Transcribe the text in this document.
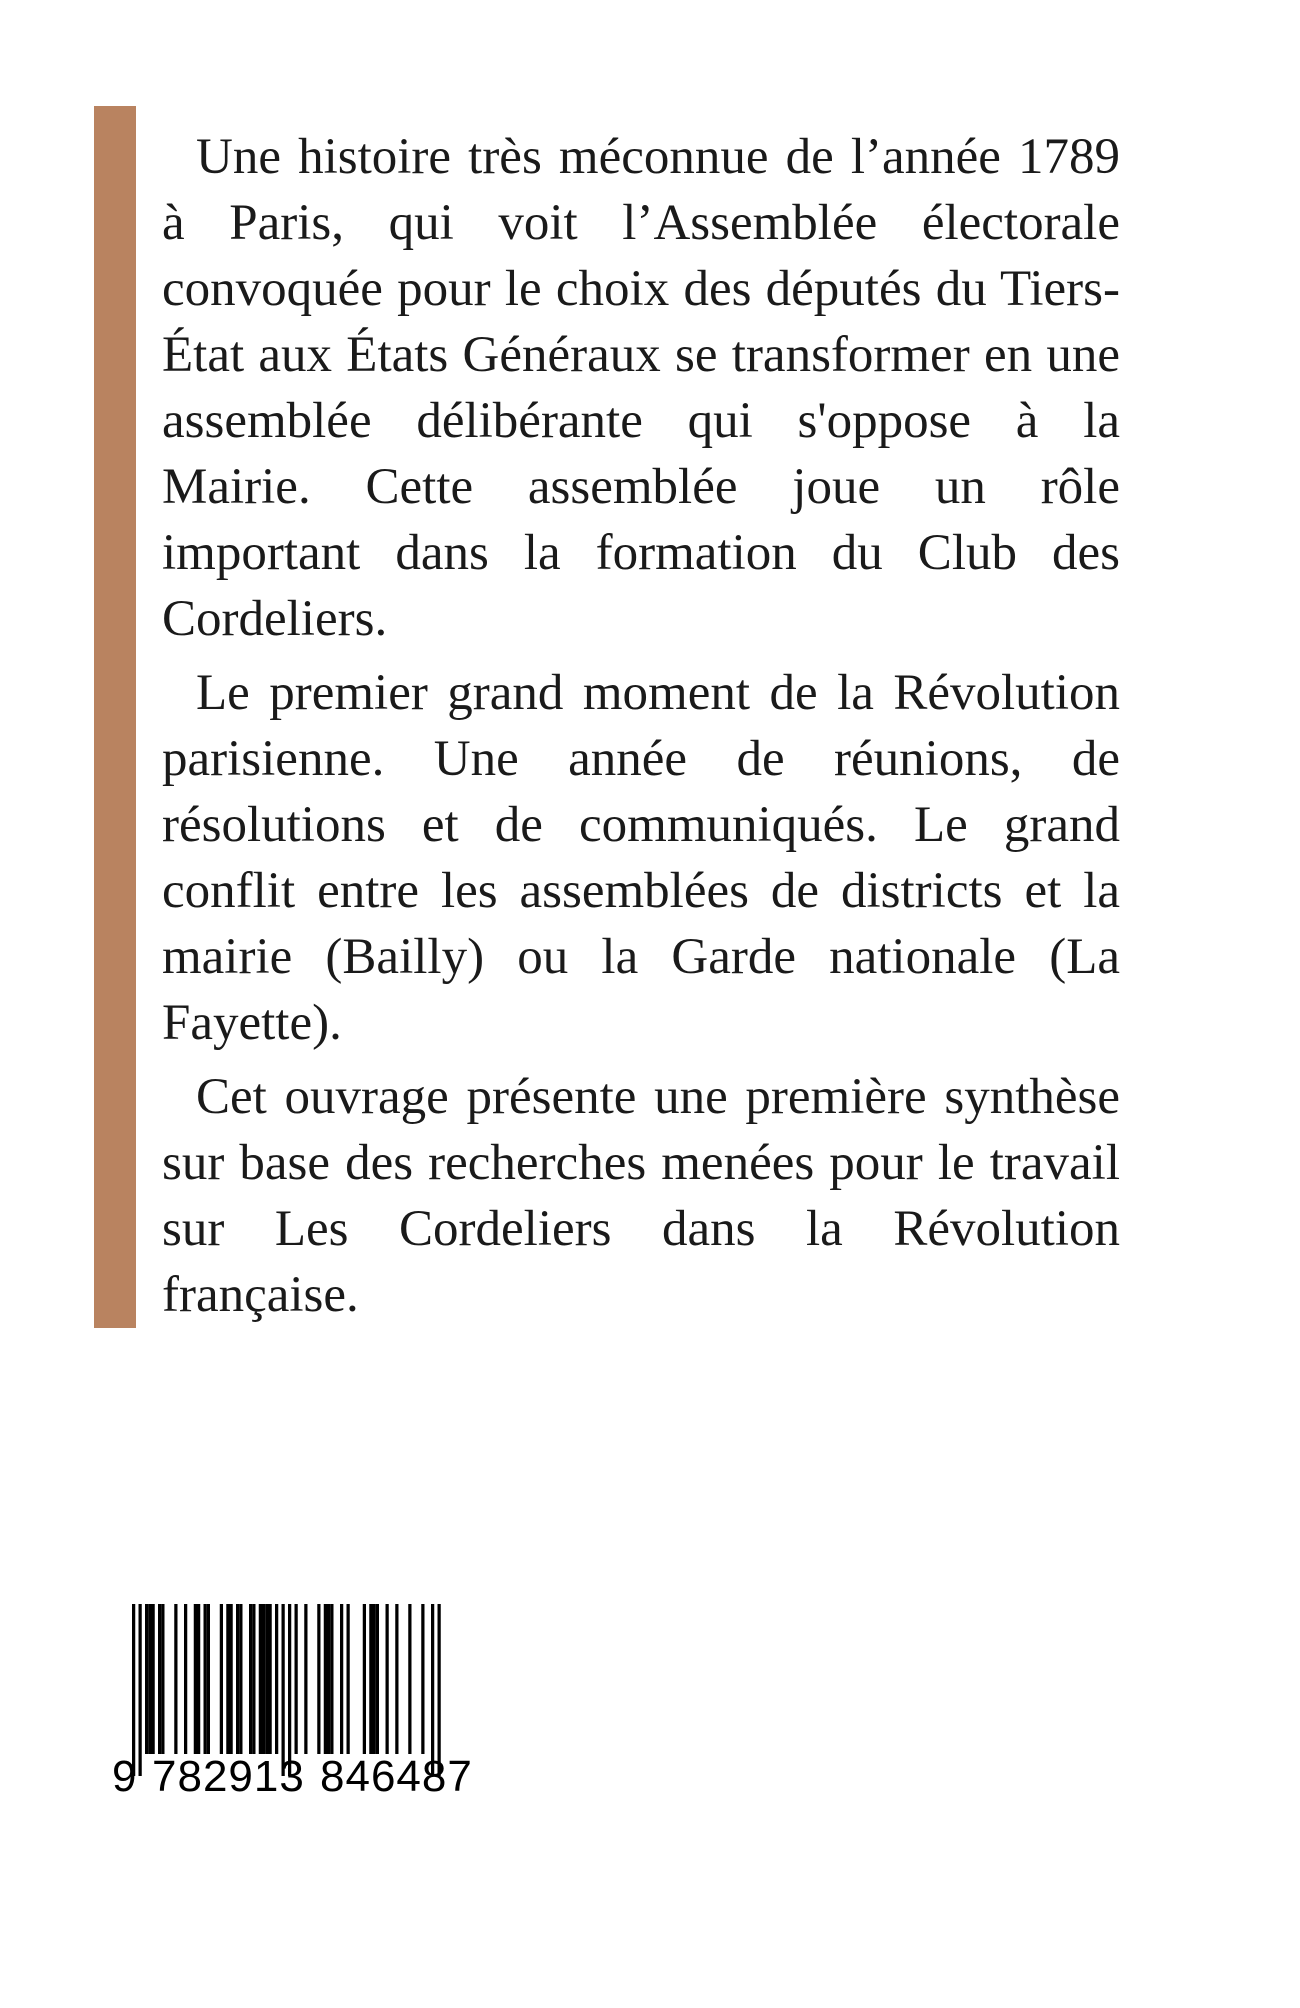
Une histoire très méconnue de l’année 1789 à Paris, qui voit l’Assemblée électorale convoquée pour le choix des députés du Tiers-État aux États Généraux se transformer en une assemblée délibérante qui s'oppose à la Mairie. Cette assemblée joue un rôle important dans la formation du Club des Cordeliers.

Le premier grand moment de la Révolution parisienne. Une année de réunions, de résolutions et de communiqués. Le grand conflit entre les assemblées de districts et la mairie (Bailly) ou la Garde nationale (La Fayette).

Cet ouvrage présente une première synthèse sur base des recherches menées pour le travail sur Les Cordeliers dans la Révolution française.

9 782913 846487
